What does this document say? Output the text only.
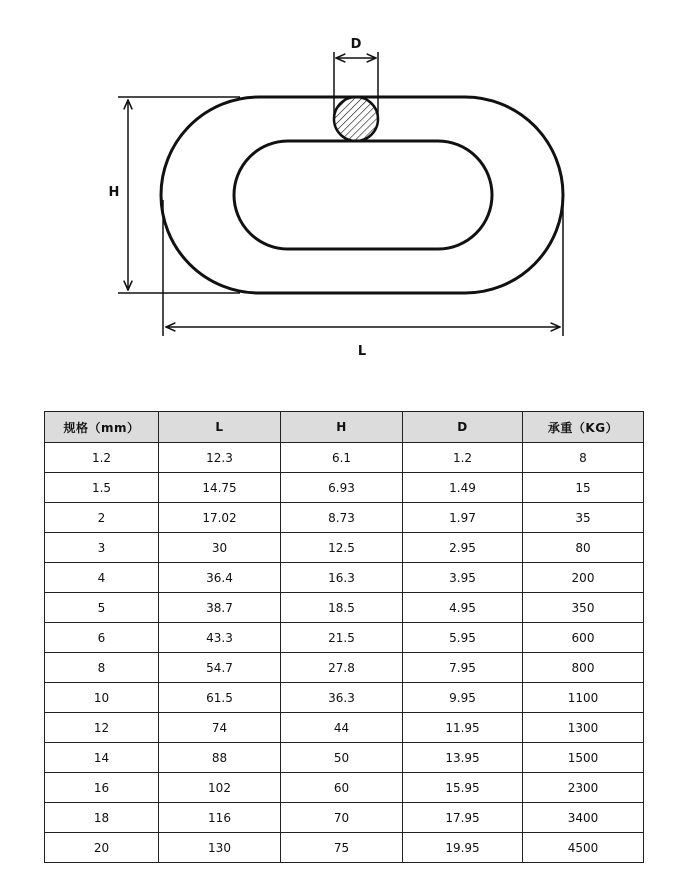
D
H
L
规格（mm）	L	H	D	承重（KG）
1.2	12.3	6.1	1.2	8
1.5	14.75	6.93	1.49	15
2	17.02	8.73	1.97	35
3	30	12.5	2.95	80
4	36.4	16.3	3.95	200
5	38.7	18.5	4.95	350
6	43.3	21.5	5.95	600
8	54.7	27.8	7.95	800
10	61.5	36.3	9.95	1100
12	74	44	11.95	1300
14	88	50	13.95	1500
16	102	60	15.95	2300
18	116	70	17.95	3400
20	130	75	19.95	4500
